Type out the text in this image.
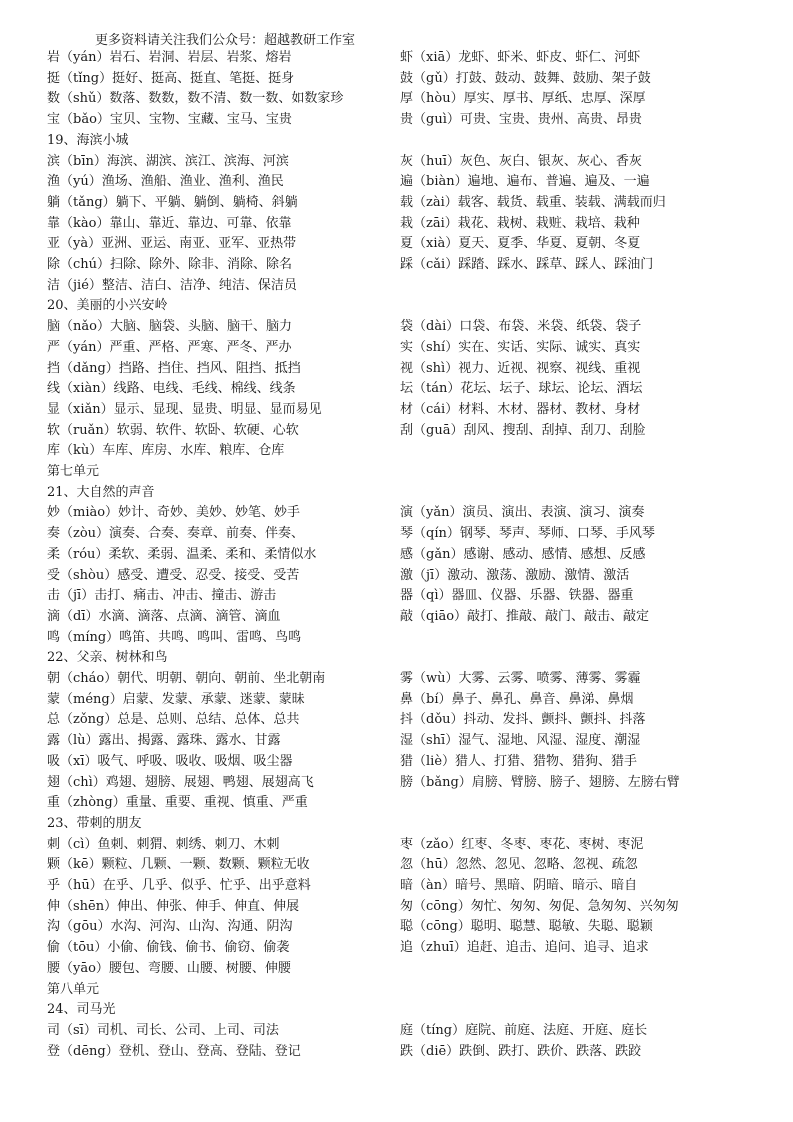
更多资料请关注我们公众号：超越教研工作室
岩（yán）岩石、岩洞、岩层、岩浆、熔岩	虾（xiā）龙虾、虾米、虾皮、虾仁、河虾
挺（tǐng）挺好、挺高、挺直、笔挺、挺身	鼓（gǔ）打鼓、鼓动、鼓舞、鼓励、架子鼓
数（shǔ）数落、数数，数不清、数一数、如数家珍	厚（hòu）厚实、厚书、厚纸、忠厚、深厚
宝（bǎo）宝贝、宝物、宝藏、宝马、宝贵	贵（guì）可贵、宝贵、贵州、高贵、昂贵
19、海滨小城
滨（bīn）海滨、湖滨、滨江、滨海、河滨	灰（huī）灰色、灰白、银灰、灰心、香灰
渔（yú）渔场、渔船、渔业、渔利、渔民	遍（biàn）遍地、遍布、普遍、遍及、一遍
躺（tǎng）躺下、平躺、躺倒、躺椅、斜躺	载（zài）载客、载货、载重、装载、满载而归
靠（kào）靠山、靠近、靠边、可靠、依靠	栽（zāi）栽花、栽树、栽赃、栽培、栽种
亚（yà）亚洲、亚运、南亚、亚军、亚热带	夏（xià）夏天、夏季、华夏、夏朝、冬夏
除（chú）扫除、除外、除非、消除、除名	踩（cǎi）踩踏、踩水、踩草、踩人、踩油门
洁（jié）整洁、洁白、洁净、纯洁、保洁员
20、美丽的小兴安岭
脑（nǎo）大脑、脑袋、头脑、脑干、脑力	袋（dài）口袋、布袋、米袋、纸袋、袋子
严（yán）严重、严格、严寒、严冬、严办	实（shí）实在、实话、实际、诚实、真实
挡（dǎng）挡路、挡住、挡风、阻挡、抵挡	视（shì）视力、近视、视察、视线、重视
线（xiàn）线路、电线、毛线、棉线、线条	坛（tán）花坛、坛子、球坛、论坛、酒坛
显（xiǎn）显示、显现、显贵、明显、显而易见	材（cái）材料、木材、器材、教材、身材
软（ruǎn）软弱、软件、软卧、软硬、心软	刮（guā）刮风、搜刮、刮掉、刮刀、刮脸
库（kù）车库、库房、水库、粮库、仓库
第七单元
21、大自然的声音
妙（miào）妙计、奇妙、美妙、妙笔、妙手	演（yǎn）演员、演出、表演、演习、演奏
奏（zòu）演奏、合奏、奏章、前奏、伴奏、	琴（qín）钢琴、琴声、琴师、口琴、手风琴
柔（róu）柔软、柔弱、温柔、柔和、柔情似水	感（gǎn）感谢、感动、感情、感想、反感
受（shòu）感受、遭受、忍受、接受、受苦	激（jī）激动、激荡、激励、激情、激活
击（jī）击打、痛击、冲击、撞击、游击	器（qì）器皿、仪器、乐器、铁器、器重
滴（dī）水滴、滴落、点滴、滴管、滴血	敲（qiāo）敲打、推敲、敲门、敲击、敲定
鸣（míng）鸣笛、共鸣、鸣叫、雷鸣、鸟鸣
22、父亲、树林和鸟
朝（cháo）朝代、明朝、朝向、朝前、坐北朝南	雾（wù）大雾、云雾、喷雾、薄雾、雾霾
蒙（méng）启蒙、发蒙、承蒙、迷蒙、蒙昧	鼻（bí）鼻子、鼻孔、鼻音、鼻涕、鼻烟
总（zǒng）总是、总则、总结、总体、总共	抖（dǒu）抖动、发抖、颤抖、颤抖、抖落
露（lù）露出、揭露、露珠、露水、甘露	湿（shī）湿气、湿地、风湿、湿度、潮湿
吸（xī）吸气、呼吸、吸收、吸烟、吸尘器	猎（liè）猎人、打猎、猎物、猎狗、猎手
翅（chì）鸡翅、翅膀、展翅、鸭翅、展翅高飞	膀（bǎng）肩膀、臂膀、膀子、翅膀、左膀右臂
重（zhòng）重量、重要、重视、慎重、严重
23、带刺的朋友
刺（cì）鱼刺、刺猬、刺绣、刺刀、木刺	枣（zǎo）红枣、冬枣、枣花、枣树、枣泥
颗（kē）颗粒、几颗、一颗、数颗、颗粒无收	忽（hū）忽然、忽见、忽略、忽视、疏忽
乎（hū）在乎、几乎、似乎、忙乎、出乎意料	暗（àn）暗号、黑暗、阴暗、暗示、暗自
伸（shēn）伸出、伸张、伸手、伸直、伸展	匆（cōng）匆忙、匆匆、匆促、急匆匆、兴匆匆
沟（gōu）水沟、河沟、山沟、沟通、阴沟	聪（cōng）聪明、聪慧、聪敏、失聪、聪颖
偷（tōu）小偷、偷钱、偷书、偷窃、偷袭	追（zhuī）追赶、追击、追问、追寻、追求
腰（yāo）腰包、弯腰、山腰、树腰、伸腰
第八单元
24、司马光
司（sī）司机、司长、公司、上司、司法	庭（tíng）庭院、前庭、法庭、开庭、庭长
登（dēng）登机、登山、登高、登陆、登记	跌（diē）跌倒、跌打、跌价、跌落、跌跤
